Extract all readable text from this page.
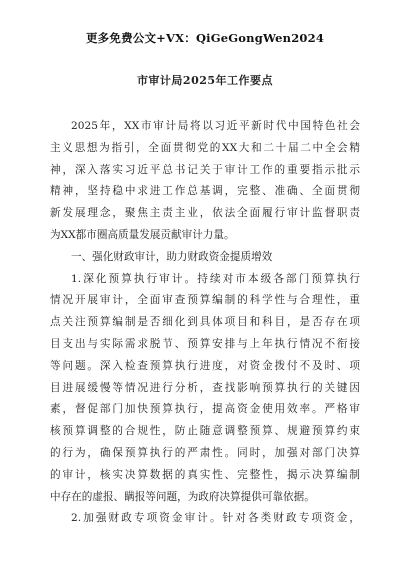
更多免费公文+VX：QiGeGongWen2024
市审计局2025年工作要点
2025年，XX市审计局将以习近平新时代中国特色社会
主义思想为指引，全面贯彻党的XX大和二十届二中全会精
神，深入落实习近平总书记关于审计工作的重要指示批示
精神，坚持稳中求进工作总基调，完整、准确、全面贯彻
新发展理念，聚焦主责主业，依法全面履行审计监督职责
为XX都市圈高质量发展贡献审计力量。
一、强化财政审计，助力财政资金提质增效
1.深化预算执行审计。持续对市本级各部门预算执行
情况开展审计，全面审查预算编制的科学性与合理性，重
点关注预算编制是否细化到具体项目和科目，是否存在项
目支出与实际需求脱节、预算安排与上年执行情况不衔接
等问题。深入检查预算执行进度，对资金拨付不及时、项
目进展缓慢等情况进行分析，查找影响预算执行的关键因
素，督促部门加快预算执行，提高资金使用效率。严格审
核预算调整的合规性，防止随意调整预算、规避预算约束
的行为，确保预算执行的严肃性。同时，加强对部门决算
的审计，核实决算数据的真实性、完整性，揭示决算编制
中存在的虚报、瞒报等问题，为政府决算提供可靠依据。
2.加强财政专项资金审计。针对各类财政专项资金，
